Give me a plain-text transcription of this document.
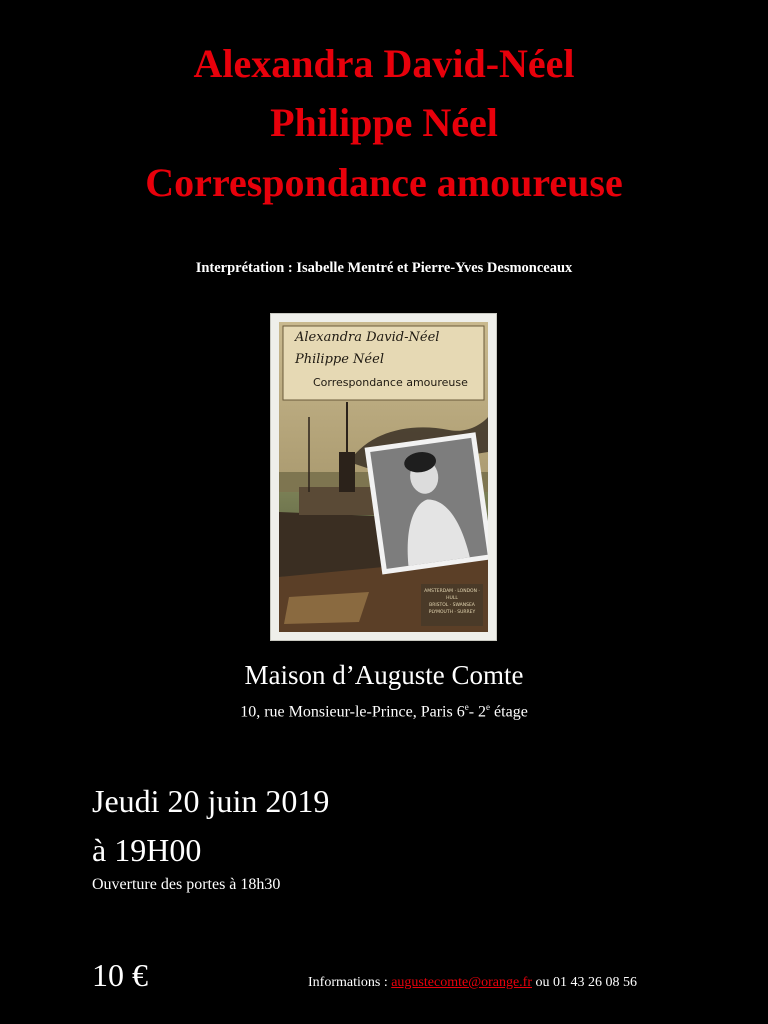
Alexandra David-Néel
Philippe Néel
Correspondance amoureuse
Interprétation : Isabelle Mentré et Pierre-Yves Desmonceaux
Alexandra David-Néel
Philippe Néel
Correspondance amoureuse
AMSTERDAM · LONDON · HULL
BRISTOL · SWANSEA
PLYMOUTH · SURREY
Maison d’Auguste Comte
10, rue Monsieur-le-Prince, Paris 6e- 2e étage
Jeudi 20 juin 2019
à 19H00
Ouverture des portes à 18h30
10 €	Informations : augustecomte@orange.fr ou 01 43 26 08 56
